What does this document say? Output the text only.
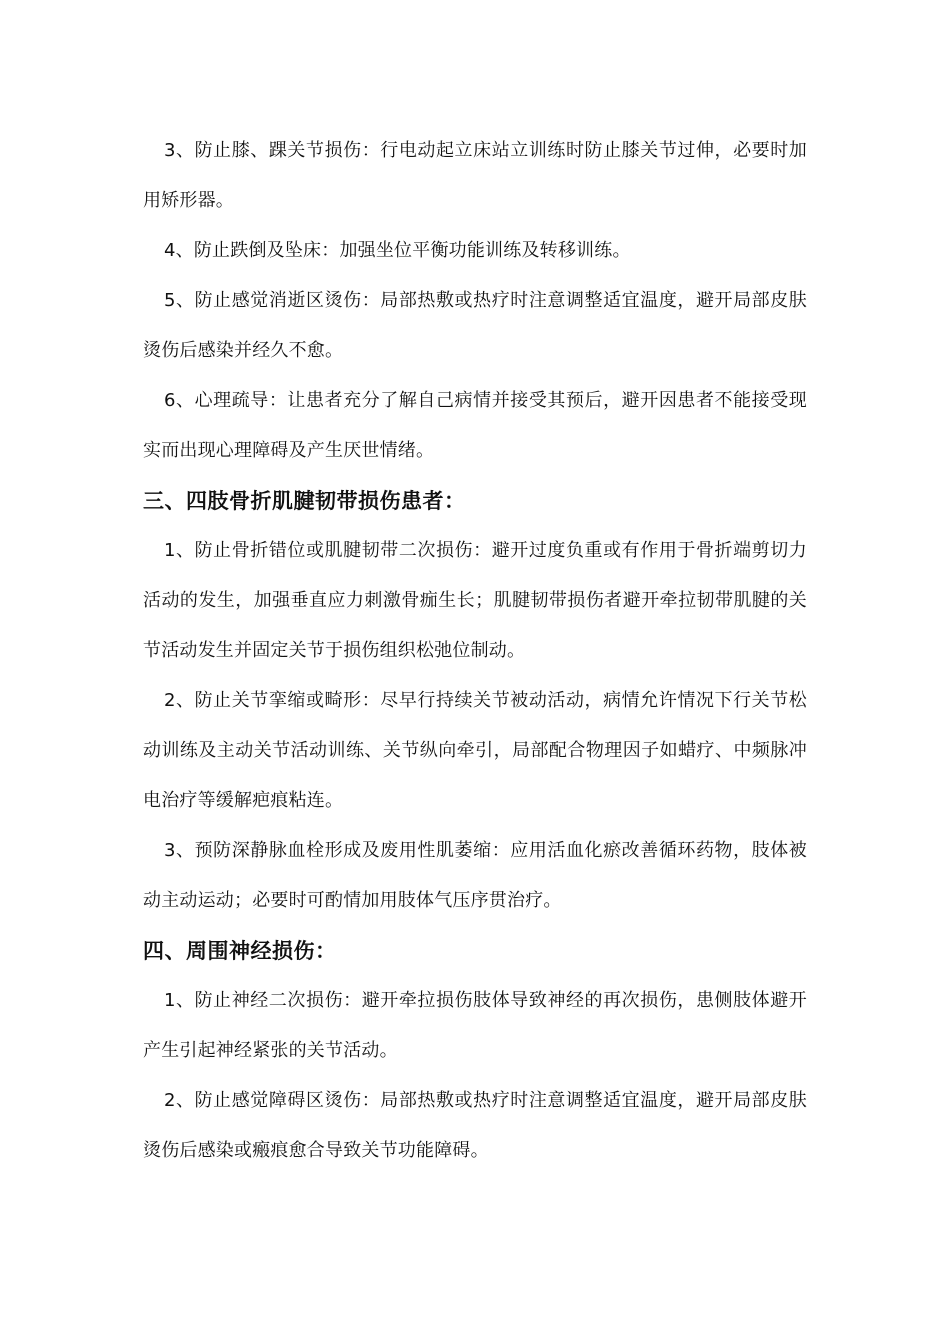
3、防止膝、踝关节损伤：行电动起立床站立训练时防止膝关节过伸，必要时加用矫形器。

4、防止跌倒及坠床：加强坐位平衡功能训练及转移训练。

5、防止感觉消逝区烫伤：局部热敷或热疗时注意调整适宜温度，避开局部皮肤烫伤后感染并经久不愈。

6、心理疏导：让患者充分了解自己病情并接受其预后，避开因患者不能接受现实而出现心理障碍及产生厌世情绪。

三、四肢骨折肌腱韧带损伤患者：

1、防止骨折错位或肌腱韧带二次损伤：避开过度负重或有作用于骨折端剪切力活动的发生，加强垂直应力刺激骨痂生长；肌腱韧带损伤者避开牵拉韧带肌腱的关节活动发生并固定关节于损伤组织松弛位制动。

2、防止关节挛缩或畸形：尽早行持续关节被动活动，病情允许情况下行关节松动训练及主动关节活动训练、关节纵向牵引，局部配合物理因子如蜡疗、中频脉冲电治疗等缓解疤痕粘连。

3、预防深静脉血栓形成及废用性肌萎缩：应用活血化瘀改善循环药物，肢体被动主动运动；必要时可酌情加用肢体气压序贯治疗。

四、周围神经损伤：

1、防止神经二次损伤：避开牵拉损伤肢体导致神经的再次损伤，患侧肢体避开产生引起神经紧张的关节活动。

2、防止感觉障碍区烫伤：局部热敷或热疗时注意调整适宜温度，避开局部皮肤烫伤后感染或瘢痕愈合导致关节功能障碍。
